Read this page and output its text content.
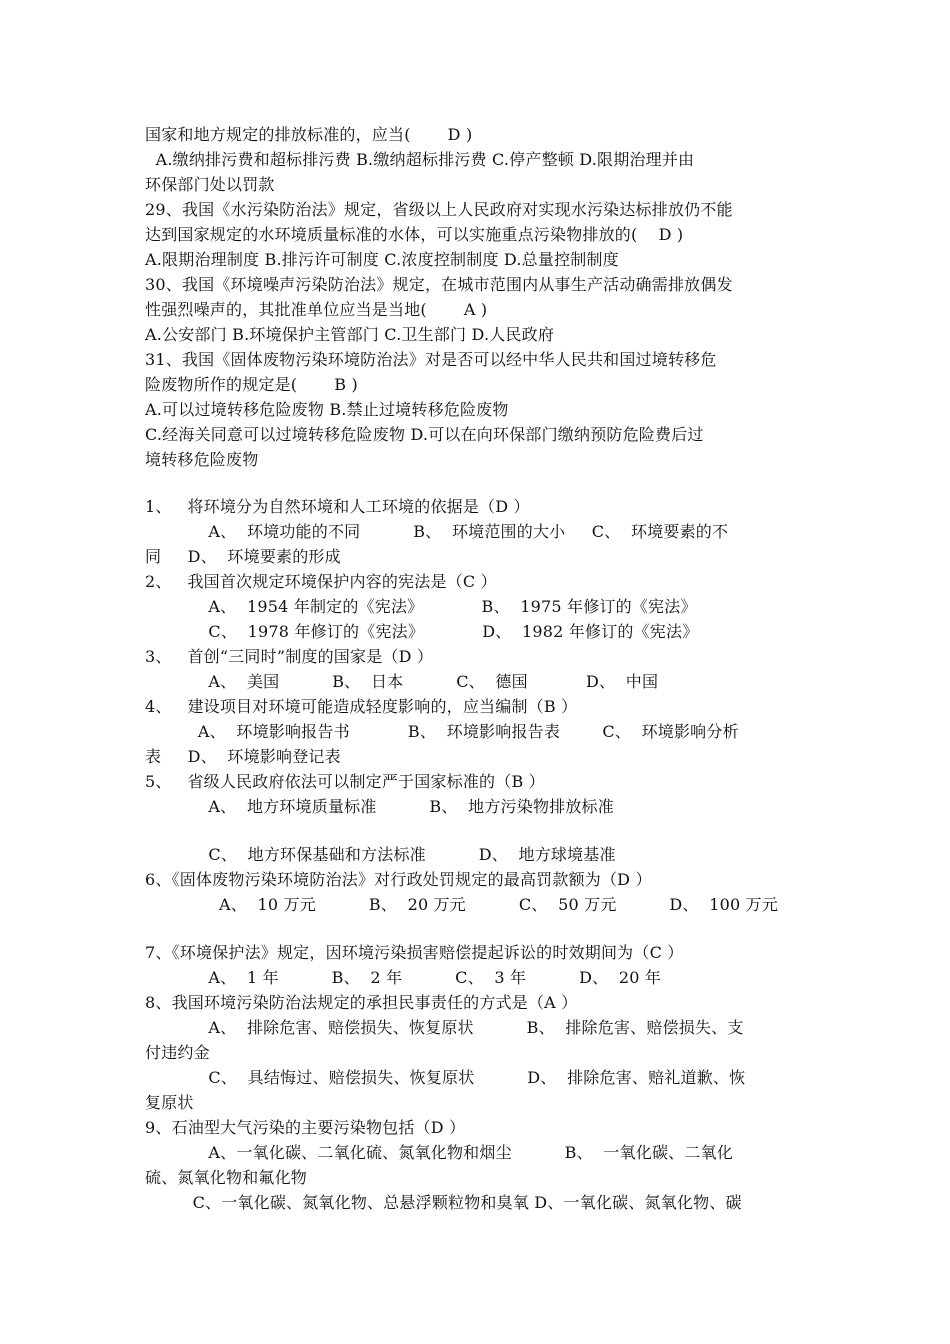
国家和地方规定的排放标准的，应当(       D )
A.缴纳排污费和超标排污费 B.缴纳超标排污费 C.停产整顿 D.限期治理并由
环保部门处以罚款
29、我国《水污染防治法》规定，省级以上人民政府对实现水污染达标排放仍不能
达到国家规定的水环境质量标准的水体，可以实施重点污染物排放的(    D )
A.限期治理制度 B.排污许可制度 C.浓度控制制度 D.总量控制制度
30、我国《环境噪声污染防治法》规定，在城市范围内从事生产活动确需排放偶发
性强烈噪声的，其批准单位应当是当地(       A )
A.公安部门 B.环境保护主管部门 C.卫生部门 D.人民政府
31、我国《固体废物污染环境防治法》对是否可以经中华人民共和国过境转移危
险废物所作的规定是(       B )
A.可以过境转移危险废物 B.禁止过境转移危险废物
C.经海关同意可以过境转移危险废物 D.可以在向环保部门缴纳预防危险费后过
境转移危险废物
1、   将环境分为自然环境和人工环境的依据是（D ）
A、  环境功能的不同          B、  环境范围的大小     C、  环境要素的不
同     D、  环境要素的形成
2、   我国首次规定环境保护内容的宪法是（C ）
A、  1954 年制定的《宪法》           B、  1975 年修订的《宪法》
C、  1978 年修订的《宪法》           D、  1982 年修订的《宪法》
3、   首创“三同时”制度的国家是（D ）
A、  美国          B、  日本          C、  德国           D、  中国
4、   建设项目对环境可能造成轻度影响的，应当编制（B ）
A、  环境影响报告书           B、  环境影响报告表        C、  环境影响分析
表     D、  环境影响登记表
5、   省级人民政府依法可以制定严于国家标准的（B ）
A、  地方环境质量标准          B、  地方污染物排放标准
C、  地方环保基础和方法标准          D、  地方球境基准
6、《固体废物污染环境防治法》对行政处罚规定的最高罚款额为（D ）
A、  10 万元          B、  20 万元          C、  50 万元          D、  100 万元
7、《环境保护法》规定，因环境污染损害赔偿提起诉讼的时效期间为（C ）
A、  1 年          B、  2 年          C、  3 年          D、  20 年
8、我国环境污染防治法规定的承担民事责任的方式是（A ）
A、  排除危害、赔偿损失、恢复原状          B、  排除危害、赔偿损失、支
付违约金
C、  具结悔过、赔偿损失、恢复原状          D、  排除危害、赔礼道歉、恢
复原状
9、石油型大气污染的主要污染物包括（D ）
A、一氧化碳、二氧化硫、氮氧化物和烟尘          B、  一氧化碳、二氧化
硫、氮氧化物和氟化物
C、一氧化碳、氮氧化物、总悬浮颗粒物和臭氧 D、一氧化碳、氮氧化物、碳
